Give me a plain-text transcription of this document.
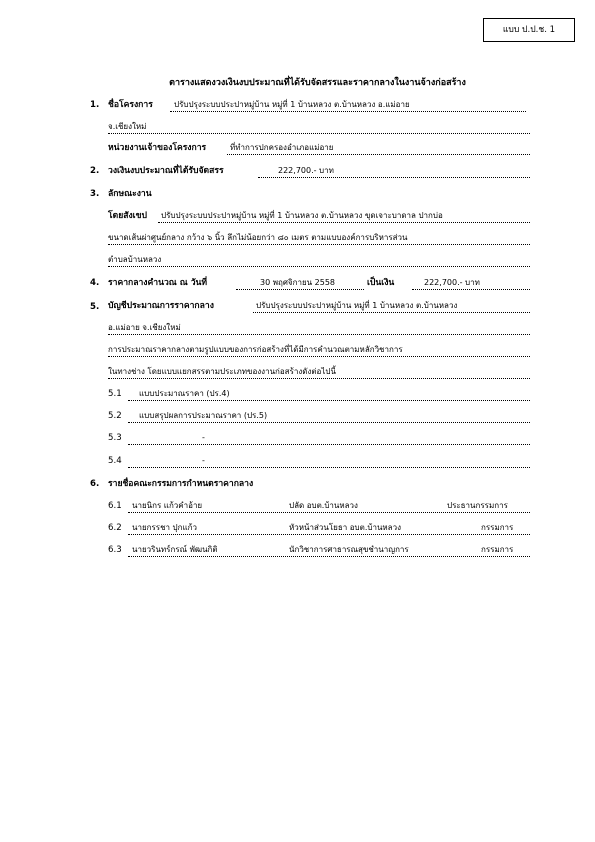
แบบ ป.ป.ช. 1
ตารางแสดงวงเงินงบประมาณที่ได้รับจัดสรรและราคากลางในงานจ้างก่อสร้าง
1. ชื่อโครงการ	ปรับปรุงระบบประปาหมู่บ้าน หมู่ที่ 1 บ้านหลวง ต.บ้านหลวง อ.แม่อาย
จ.เชียงใหม่
หน่วยงานเจ้าของโครงการ	ที่ทำการปกครองอำเภอแม่อาย
2. วงเงินงบประมาณที่ได้รับจัดสรร	222,700.- บาท
3. ลักษณะงาน
โดยสังเขป ปรับปรุงระบบประปาหมู่บ้าน หมู่ที่ 1 บ้านหลวง ต.บ้านหลวง ขุดเจาะบาดาล ปากบ่อ
ขนาดเส้นผ่าศูนย์กลาง กว้าง ๖ นิ้ว ลึกไม่น้อยกว่า ๘๐ เมตร ตามแบบองค์การบริหารส่วน
ตำบลบ้านหลวง
4. ราคากลางคำนวณ ณ วันที่	30 พฤศจิกายน 2558	เป็นเงิน	222,700.- บาท
5. บัญชีประมาณการราคากลาง	ปรับปรุงระบบประปาหมู่บ้าน หมู่ที่ 1 บ้านหลวง ต.บ้านหลวง
อ.แม่อาย จ.เชียงใหม่
การประมาณราคากลางตามรูปแบบของการก่อสร้างที่ได้มีการคำนวณตามหลักวิชาการ
ในทางช่าง โดยแบบแยกสรรตามประเภทของงานก่อสร้างดังต่อไปนี้
5.1 แบบประมาณราคา (ปร.4)
5.2 แบบสรุปผลการประมาณราคา (ปร.5)
5.3	-
5.4	-
6. รายชื่อคณะกรรมการกำหนดราคากลาง
6.1 นายนิกร แก้วคำอ้าย	ปลัด อบต.บ้านหลวง	ประธานกรรมการ
6.2 นายกรรชา ปุกแก้ว	หัวหน้าส่วนโยธา อบต.บ้านหลวง	กรรมการ
6.3 นายวรินทร์กรณ์ พัฒนกิติ	นักวิชาการศาธารณสุขชำนาญการ	กรรมการ
